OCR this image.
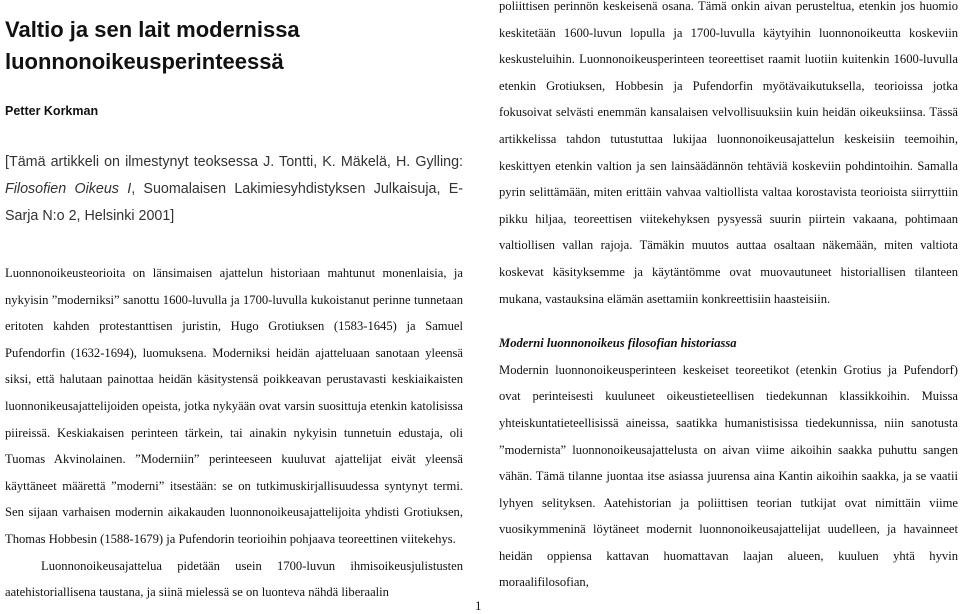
Valtio ja sen lait modernissa luonnonoikeusperinteessä

Petter Korkman

[Tämä artikkeli on ilmestynyt teoksessa J. Tontti, K. Mäkelä, H. Gylling: Filosofien Oikeus I, Suomalaisen Lakimiesyhdistyksen Julkaisuja, E-Sarja N:o 2, Helsinki 2001]

Luonnonoikeusteorioita on länsimaisen ajattelun historiaan mahtunut monenlaisia, ja nykyisin ”moderniksi” sanottu 1600-luvulla ja 1700-luvulla kukoistanut perinne tunnetaan eritoten kahden protestanttisen juristin, Hugo Grotiuksen (1583-1645) ja Samuel Pufendorfin (1632-1694), luomuksena. Moderniksi heidän ajatteluaan sanotaan yleensä siksi, että halutaan painottaa heidän käsitystensä poikkeavan perustavasti keskiaikaisten luonnonikeusajattelijoiden opeista, jotka nykyään ovat varsin suosittuja etenkin katolisissa piireissä. Keskiakaisen perinteen tärkein, tai ainakin nykyisin tunnetuin edustaja, oli Tuomas Akvinolainen. ”Moderniin” perinteeseen kuuluvat ajattelijat eivät yleensä käyttäneet määrettä ”moderni” itsestään: se on tutkimuskirjallisuudessa syntynyt termi. Sen sijaan varhaisen modernin aikakauden luonnonoikeusajattelijoita yhdisti Grotiuksen, Thomas Hobbesin (1588-1679) ja Pufendorin teorioihin pohjaava teoreettinen viitekehys.

Luonnonoikeusajattelua pidetään usein 1700-luvun ihmisoikeusjulistusten aatehistoriallisena taustana, ja siinä mielessä se on luonteva nähdä liberaalin

poliittisen perinnön keskeisenä osana. Tämä onkin aivan perusteltua, etenkin jos huomio keskitetään 1600-luvun lopulla ja 1700-luvulla käytyihin luonnonoikeutta koskeviin keskusteluihin. Luonnonoikeusperinteen teoreettiset raamit luotiin kuitenkin 1600-luvulla etenkin Grotiuksen, Hobbesin ja Pufendorfin myötävaikutuksella, teorioissa jotka fokusoivat selvästi enemmän kansalaisen velvollisuuksiin kuin heidän oikeuksiinsa. Tässä artikkelissa tahdon tutustuttaa lukijaa luonnonoikeusajattelun keskeisiin teemoihin, keskittyen etenkin valtion ja sen lainsäädännön tehtäviä koskeviin pohdintoihin. Samalla pyrin selittämään, miten erittäin vahvaa valtiollista valtaa korostavista teorioista siirryttiin pikku hiljaa, teoreettisen viitekehyksen pysyessä suurin piirtein vakaana, pohtimaan valtiollisen vallan rajoja. Tämäkin muutos auttaa osaltaan näkemään, miten valtiota koskevat käsityksemme ja käytäntömme ovat muovautuneet historiallisen tilanteen mukana, vastauksina elämän asettamiin konkreettisiin haasteisiin.

Moderni luonnonoikeus filosofian historiassa

Modernin luonnonoikeusperinteen keskeiset teoreetikot (etenkin Grotius ja Pufendorf) ovat perinteisesti kuuluneet oikeustieteellisen tiedekunnan klassikkoihin. Muissa yhteiskuntatieteellisissä aineissa, saatikka humanistisissa tiedekunnissa, niin sanotusta ”modernista” luonnonoikeusajattelusta on aivan viime aikoihin saakka puhuttu sangen vähän. Tämä tilanne juontaa itse asiassa juurensa aina Kantin aikoihin saakka, ja se vaatii lyhyen selityksen. Aatehistorian ja poliittisen teorian tutkijat ovat nimittäin viime vuosikymmeninä löytäneet modernit luonnonoikeusajattelijat uudelleen, ja havainneet heidän oppiensa kattavan huomattavan laajan alueen, kuuluen yhtä hyvin moraalifilosofian,

1
